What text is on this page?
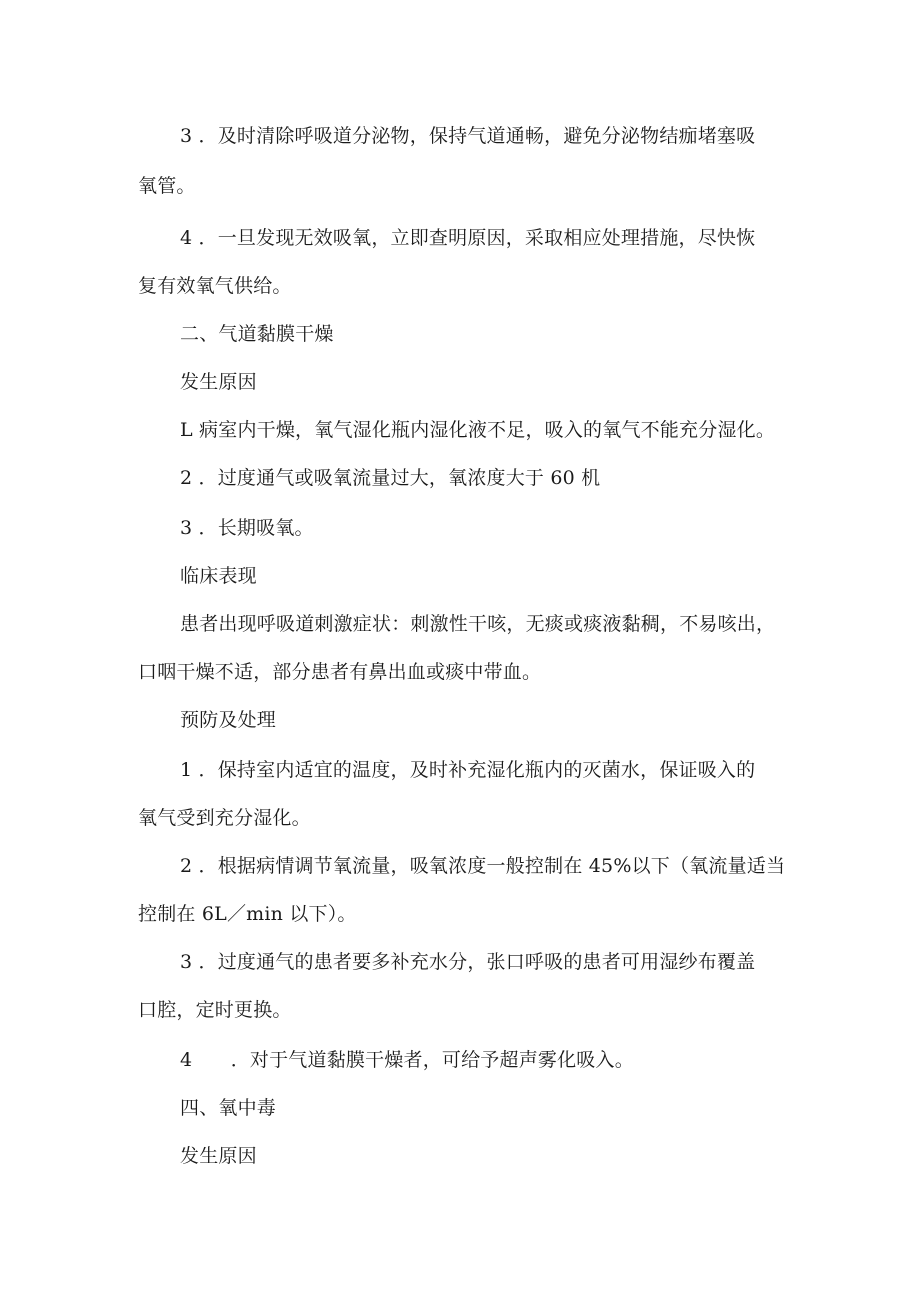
3 ．及时清除呼吸道分泌物，保持气道通畅，避免分泌物结痂堵塞吸
氧管。
4 ．一旦发现无效吸氧，立即查明原因，采取相应处理措施，尽快恢
复有效氧气供给。
二、气道黏膜干燥
发生原因
L 病室内干燥，氧气湿化瓶内湿化液不足，吸入的氧气不能充分湿化。
2 ．过度通气或吸氧流量过大，氧浓度大于 60 机
3 ．长期吸氧。
临床表现
患者出现呼吸道刺激症状：刺激性干咳，无痰或痰液黏稠，不易咳出，
口咽干燥不适，部分患者有鼻出血或痰中带血。
预防及处理
1 ．保持室内适宜的温度，及时补充湿化瓶内的灭菌水，保证吸入的
氧气受到充分湿化。
2 ．根据病情调节氧流量，吸氧浓度一般控制在 45%以下（氧流量适当
控制在 6L／min 以下）。
3 ．过度通气的患者要多补充水分，张口呼吸的患者可用湿纱布覆盖
口腔，定时更换。
4　　．对于气道黏膜干燥者，可给予超声雾化吸入。
四、氧中毒
发生原因
